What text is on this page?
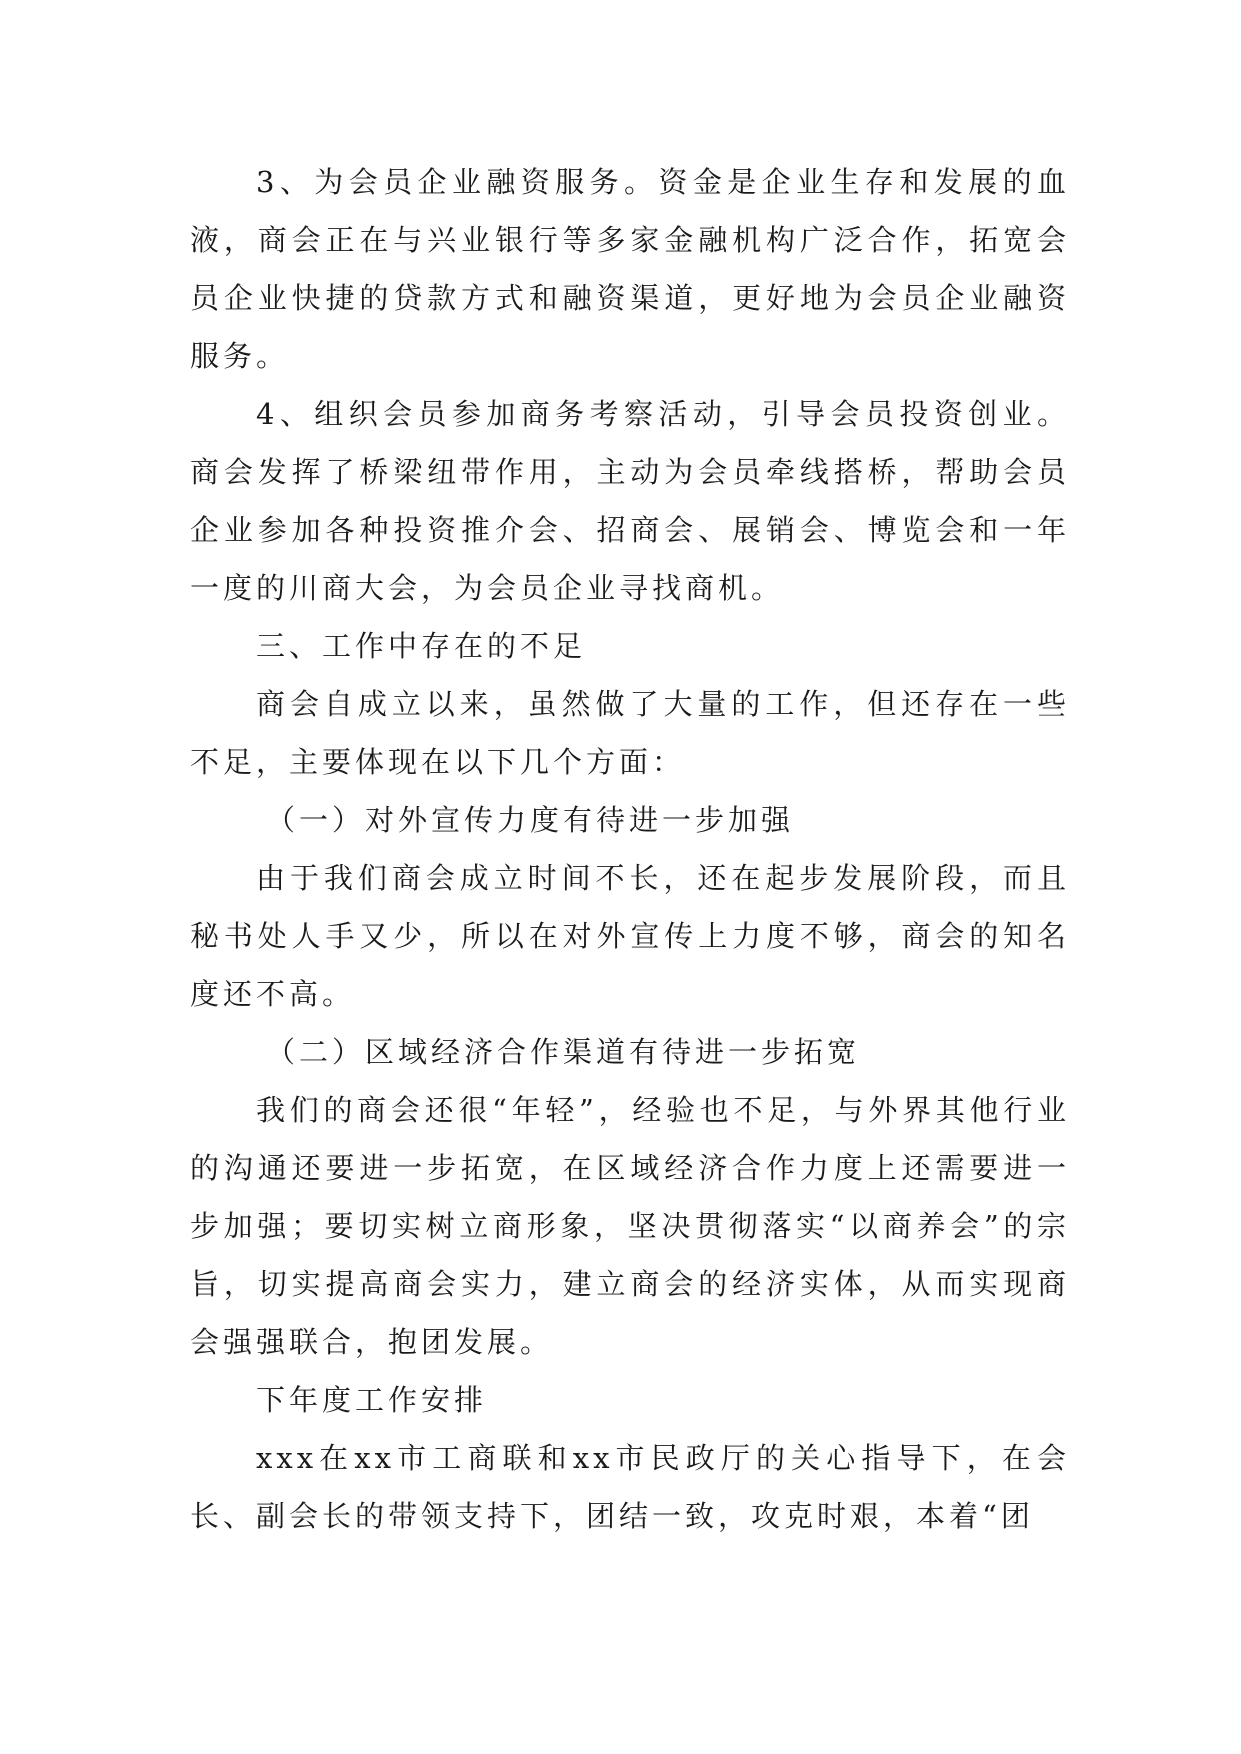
3、为会员企业融资服务。资金是企业生存和发展的血液，商会正在与兴业银行等多家金融机构广泛合作，拓宽会员企业快捷的贷款方式和融资渠道，更好地为会员企业融资服务。

4、组织会员参加商务考察活动，引导会员投资创业。商会发挥了桥梁纽带作用，主动为会员牵线搭桥，帮助会员企业参加各种投资推介会、招商会、展销会、博览会和一年一度的川商大会，为会员企业寻找商机。

三、工作中存在的不足

商会自成立以来，虽然做了大量的工作，但还存在一些不足，主要体现在以下几个方面：

（一）对外宣传力度有待进一步加强

由于我们商会成立时间不长，还在起步发展阶段，而且秘书处人手又少，所以在对外宣传上力度不够，商会的知名度还不高。

（二）区域经济合作渠道有待进一步拓宽

我们的商会还很“年轻”，经验也不足，与外界其他行业的沟通还要进一步拓宽，在区域经济合作力度上还需要进一步加强；要切实树立商形象，坚决贯彻落实“以商养会”的宗旨，切实提高商会实力，建立商会的经济实体，从而实现商会强强联合，抱团发展。

下年度工作安排

xxx在xx市工商联和xx市民政厅的关心指导下，在会长、副会长的带领支持下，团结一致，攻克时艰，本着“团
